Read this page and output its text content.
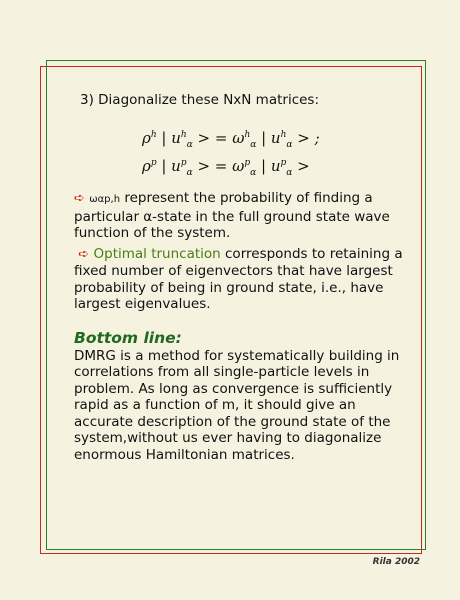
3) Diagonalize these NxN matrices:

$\rho^h$ | $u^h_\alpha$ > = $\omega^h_\alpha$ | $u^h_\alpha$ > ;
$\rho^p$ | $u^p_\alpha$ > = $\omega^p_\alpha$ | $u^p_\alpha$ >

➪ ωαp,h represent the probability of finding a particular α-state in the full ground state wave function of the system.

➪ Optimal truncation corresponds to retaining a fixed number of eigenvectors that have largest probability of being in ground state, i.e., have largest eigenvalues.

Bottom line:

DMRG is a method for systematically building in correlations from all single-particle levels in problem. As long as convergence is sufficiently rapid as a function of m, it should give an accurate description of the ground state of the system,without us ever having to diagonalize enormous Hamiltonian matrices.

Rila 2002
